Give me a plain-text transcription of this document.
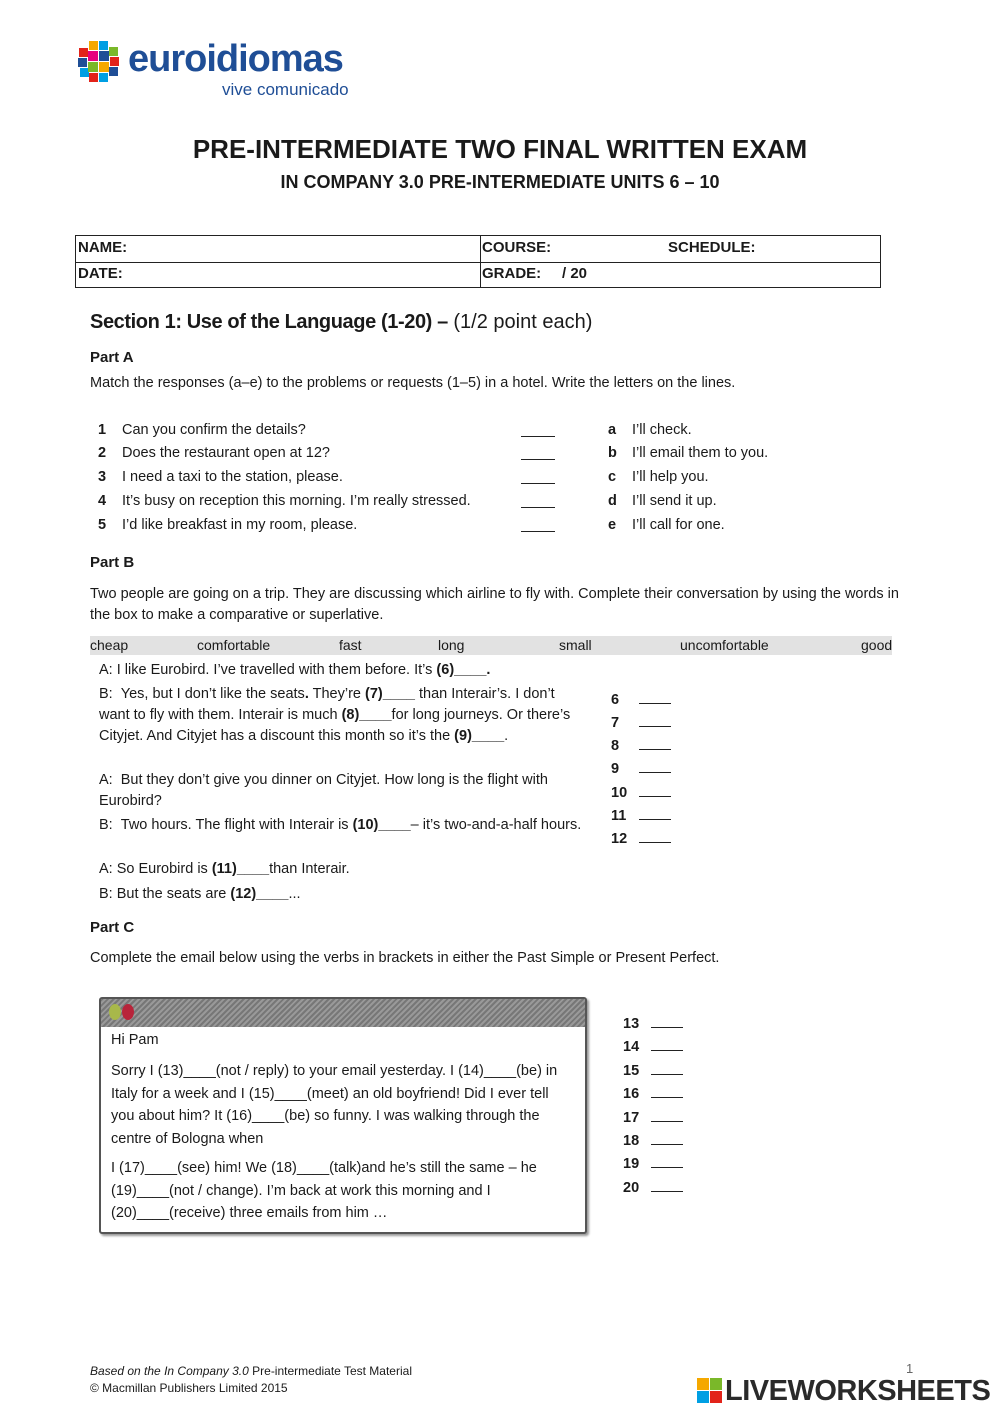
euroidiomas
vive comunicado
PRE-INTERMEDIATE TWO FINAL WRITTEN EXAM
IN COMPANY 3.0 PRE-INTERMEDIATE UNITS 6 – 10
NAME:	COURSE:	SCHEDULE:
DATE:	GRADE: / 20
Section 1: Use of the Language (1-20) – (1/2 point each)
Part A
Match the responses (a–e) to the problems or requests (1–5) in a hotel. Write the letters on the lines.
1 Can you confirm the details?	a I’ll check.
2 Does the restaurant open at 12?	b I’ll email them to you.
3 I need a taxi to the station, please.	c I’ll help you.
4 It’s busy on reception this morning. I’m really stressed.	d I’ll send it up.
5 I’d like breakfast in my room, please.	e I’ll call for one.
Part B
Two people are going on a trip. They are discussing which airline to fly with. Complete their conversation by using the words in the box to make a comparative or superlative.
cheap	comfortable	fast	long	small	uncomfortable	good
A: I like Eurobird. I’ve travelled with them before. It’s (6)____.
B:  Yes, but I don’t like the seats. They’re (7)____ than Interair’s. I don’t want to fly with them. Interair is much (8)____for long journeys. Or there’s Cityjet. And Cityjet has a discount this month so it’s the (9)____.
A:  But they don’t give you dinner on Cityjet. How long is the flight with Eurobird?
B:  Two hours. The flight with Interair is (10)____– it’s two-and-a-half hours.
A: So Eurobird is (11)____than Interair.
B: But the seats are (12)____...
6
7
8
9
10
11
12
Part C
Complete the email below using the verbs in brackets in either the Past Simple or Present Perfect.
Hi Pam
Sorry I (13)____(not / reply) to your email yesterday. I (14)____(be) in Italy for a week and I (15)____(meet) an old boyfriend! Did I ever tell you about him? It (16)____(be) so funny. I was walking through the centre of Bologna when
I (17)____(see) him! We (18)____(talk)and he’s still the same – he (19)____(not / change). I’m back at work this morning and I (20)____(receive) three emails from him …
13
14
15
16
17
18
19
20
Based on the In Company 3.0 Pre-intermediate Test Material
© Macmillan Publishers Limited 2015
1
LIVEWORKSHEETS
